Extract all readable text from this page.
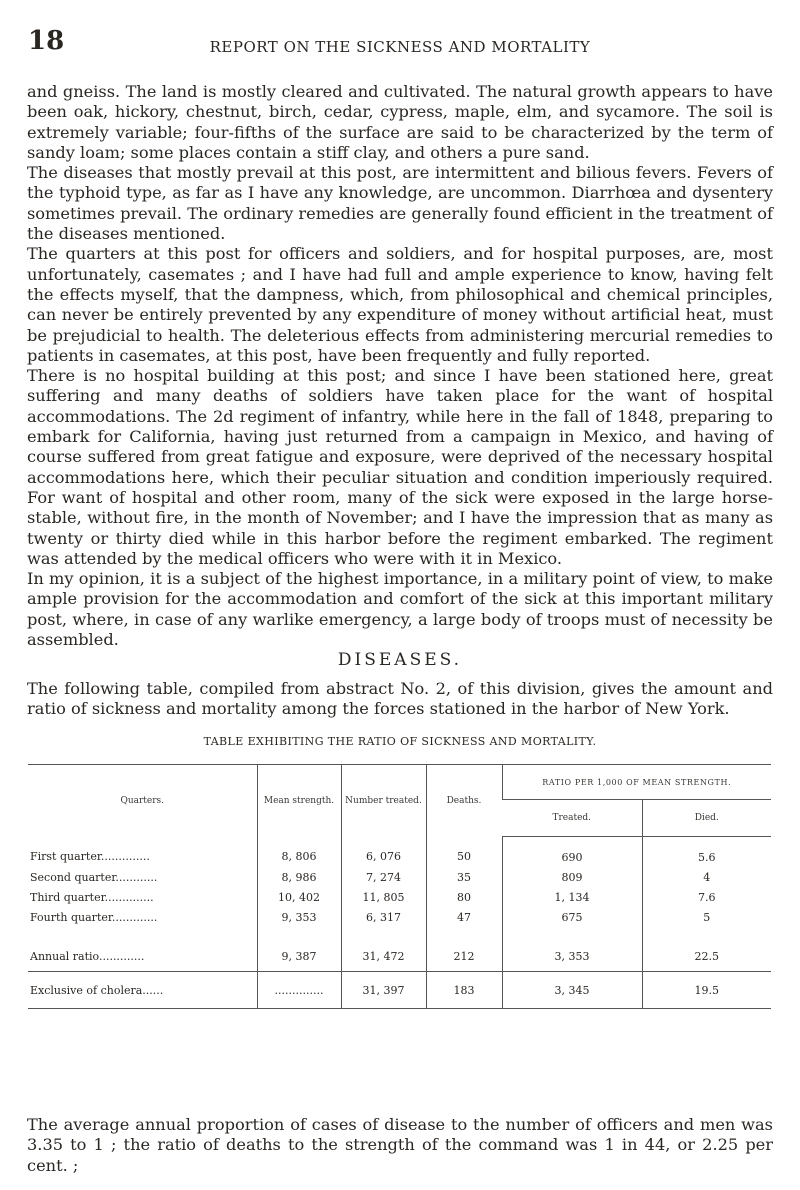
18	REPORT ON THE SICKNESS AND MORTALITY

and gneiss. The land is mostly cleared and cultivated. The natural growth appears to have been oak, hickory, chestnut, birch, cedar, cypress, maple, elm, and sycamore. The soil is extremely variable; four-fifths of the surface are said to be characterized by the term of sandy loam; some places contain a stiff clay, and others a pure sand.

The diseases that mostly prevail at this post, are intermittent and bilious fevers. Fevers of the typhoid type, as far as I have any knowledge, are uncommon. Diarrhœa and dysentery sometimes prevail. The ordinary remedies are generally found efficient in the treatment of the diseases mentioned.

The quarters at this post for officers and soldiers, and for hospital purposes, are, most unfortunately, casemates ; and I have had full and ample experience to know, having felt the effects myself, that the dampness, which, from philosophical and chemical principles, can never be entirely prevented by any expenditure of money without artificial heat, must be prejudicial to health. The deleterious effects from administering mercurial remedies to patients in casemates, at this post, have been frequently and fully reported.

There is no hospital building at this post; and since I have been stationed here, great suffering and many deaths of soldiers have taken place for the want of hospital accommodations. The 2d regiment of infantry, while here in the fall of 1848, preparing to embark for California, having just returned from a campaign in Mexico, and having of course suffered from great fatigue and exposure, were deprived of the necessary hospital accommodations here, which their peculiar situation and condition imperiously required. For want of hospital and other room, many of the sick were exposed in the large horse-stable, without fire, in the month of November; and I have the impression that as many as twenty or thirty died while in this harbor before the regiment embarked. The regiment was attended by the medical officers who were with it in Mexico.

In my opinion, it is a subject of the highest importance, in a military point of view, to make ample provision for the accommodation and comfort of the sick at this important military post, where, in case of any warlike emergency, a large body of troops must of necessity be assembled.

DISEASES.

The following table, compiled from abstract No. 2, of this division, gives the amount and ratio of sickness and mortality among the forces stationed in the harbor of New York.

TABLE EXHIBITING THE RATIO OF SICKNESS AND MORTALITY.
Quarters.	Mean strength.	Number treated.	Deaths.	RATIO PER 1,000 OF MEAN STRENGTH.	
				Treated.	Died.
First quarter..............	8, 806	6, 076	50	690	5.6
Second quarter............	8, 986	7, 274	35	809	4
Third quarter..............	10, 402	11, 805	80	1, 134	7.6
Fourth quarter.............	9, 353	6, 317	47	675	5

Annual ratio.............	9, 387	31, 472	212	3, 353	22.5
Exclusive of cholera......	..............	31, 397	183	3, 345	19.5

The average annual proportion of cases of disease to the number of officers and men was 3.35 to 1 ; the ratio of deaths to the strength of the command was 1 in 44, or 2.25 per cent. ;
